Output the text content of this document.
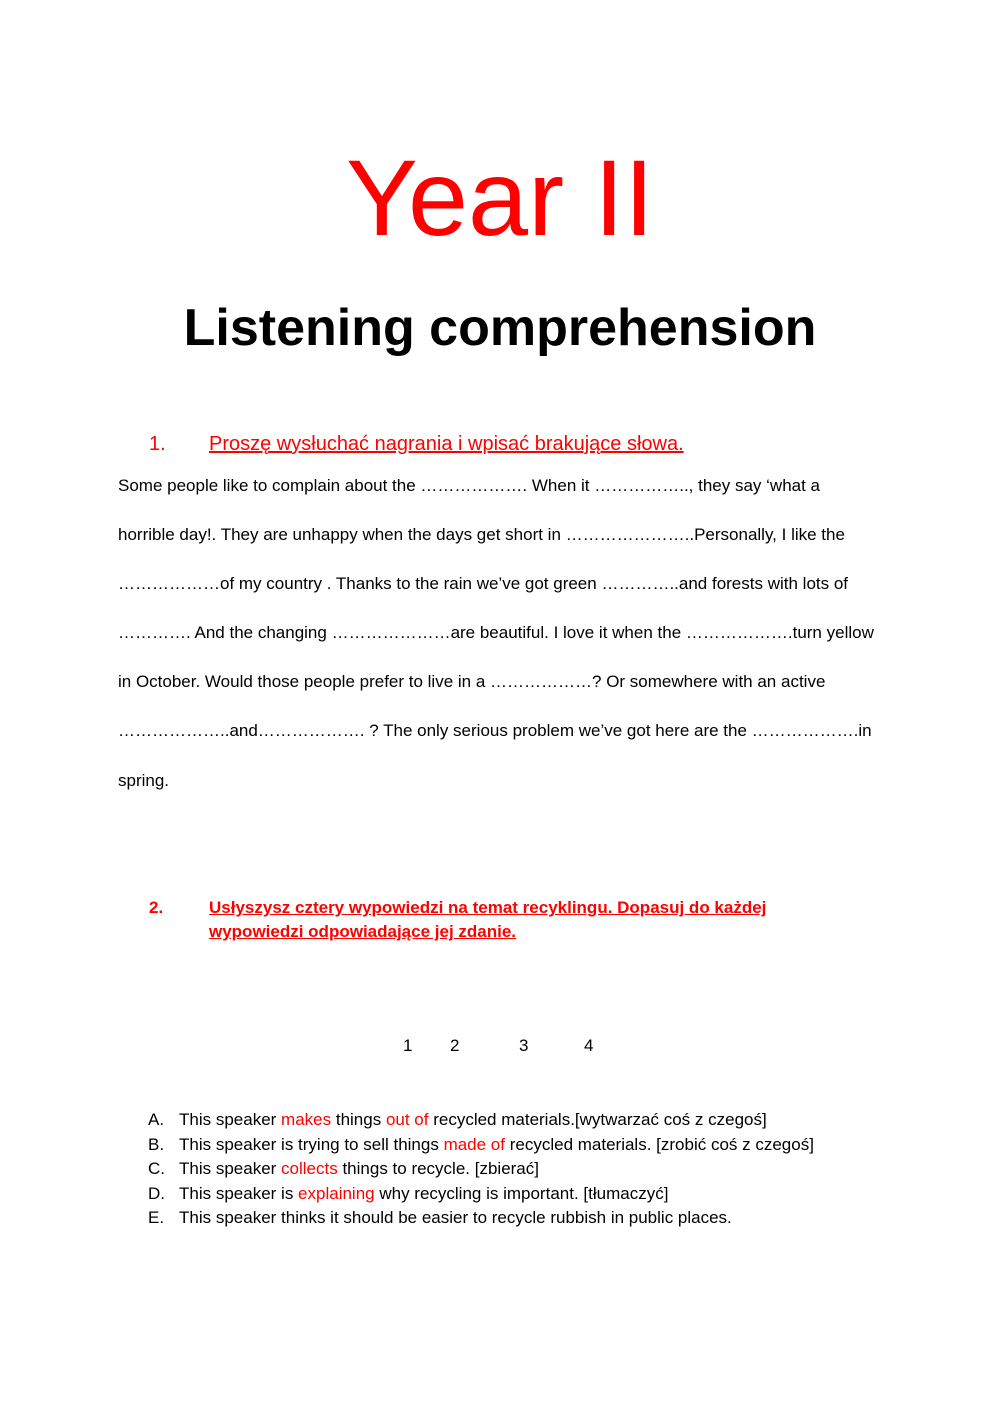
Year II
Listening comprehension
1. Proszę wysłuchać nagrania i wpisać brakujące słowa.

Some people like to complain about the ………………. When it …………….., they say ‘what a

horrible day!. They are unhappy when the days get short in …………………..Personally, I like the

………………of my country . Thanks to the rain we’ve got green …………..and forests with lots of

…………. And the changing …………………are beautiful. I love it when the ……………….turn yellow

in October. Would those people prefer to live in a ………………? Or somewhere with an active

………………..and………………. ? The only serious problem we’ve got here are the ……………….in

spring.

2.	Usłyszysz cztery wypowiedzi na temat recyklingu. Dopasuj do każdej wypowiedzi odpowiadające jej zdanie.
1 2	3	4
A. This speaker makes things out of recycled materials.[wytwarzać coś z czegoś]
B. This speaker is trying to sell things made of recycled materials. [zrobić coś z czegoś]
C. This speaker collects things to recycle. [zbierać]
D. This speaker is explaining why recycling is important. [tłumaczyć]
E. This speaker thinks it should be easier to recycle rubbish in public places.
